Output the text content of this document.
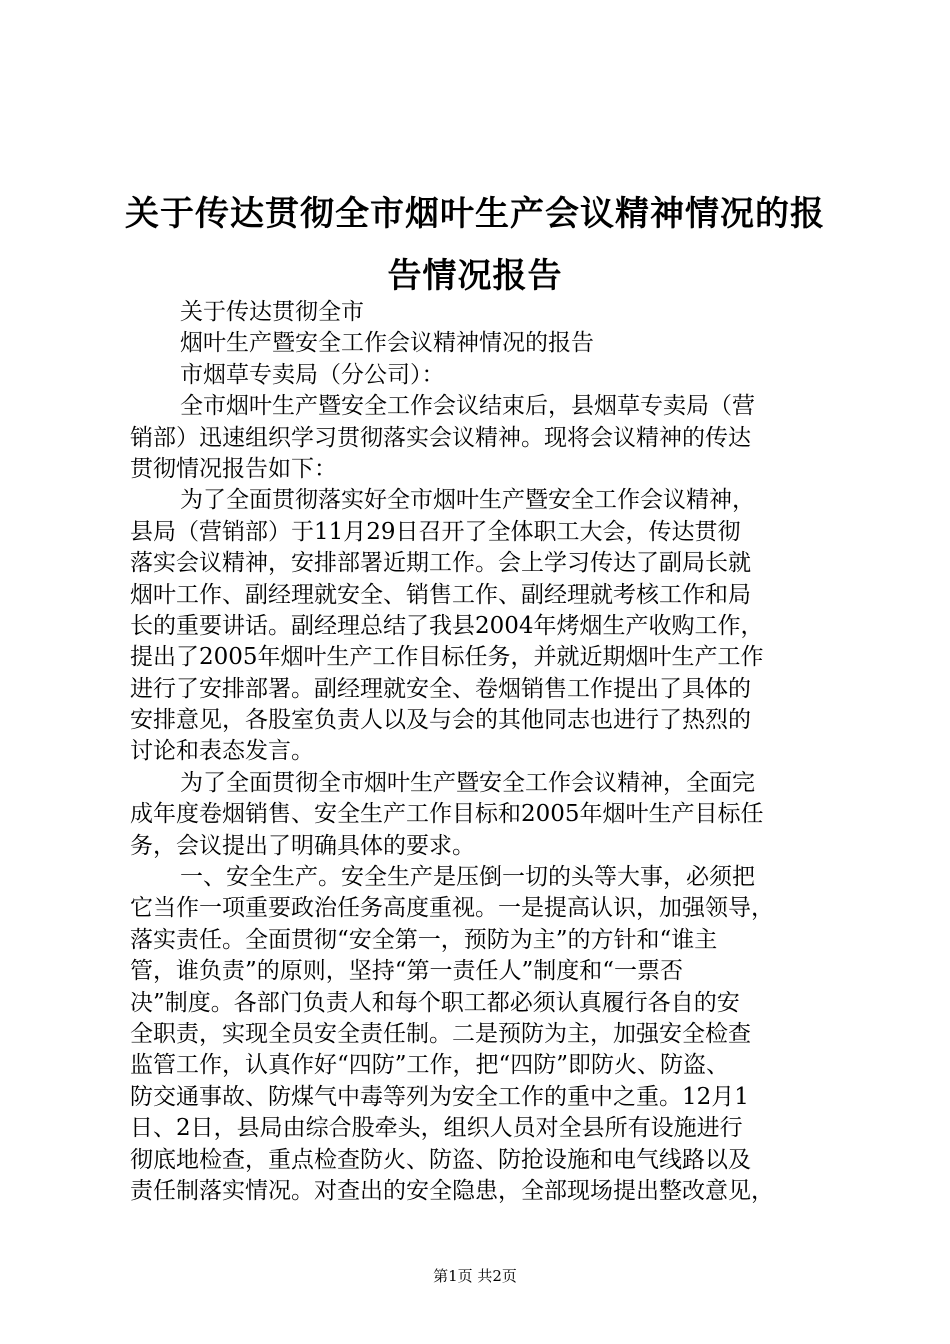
关于传达贯彻全市烟叶生产会议精神情况的报
告情况报告
关于传达贯彻全市
烟叶生产暨安全工作会议精神情况的报告
市烟草专卖局（分公司）：
全市烟叶生产暨安全工作会议结束后，县烟草专卖局（营
销部）迅速组织学习贯彻落实会议精神。现将会议精神的传达
贯彻情况报告如下：
为了全面贯彻落实好全市烟叶生产暨安全工作会议精神，
县局（营销部）于11月29日召开了全体职工大会，传达贯彻
落实会议精神，安排部署近期工作。会上学习传达了副局长就
烟叶工作、副经理就安全、销售工作、副经理就考核工作和局
长的重要讲话。副经理总结了我县2004年烤烟生产收购工作，
提出了2005年烟叶生产工作目标任务，并就近期烟叶生产工作
进行了安排部署。副经理就安全、卷烟销售工作提出了具体的
安排意见，各股室负责人以及与会的其他同志也进行了热烈的
讨论和表态发言。
为了全面贯彻全市烟叶生产暨安全工作会议精神，全面完
成年度卷烟销售、安全生产工作目标和2005年烟叶生产目标任
务，会议提出了明确具体的要求。
一、安全生产。安全生产是压倒一切的头等大事，必须把
它当作一项重要政治任务高度重视。一是提高认识，加强领导，
落实责任。全面贯彻“安全第一，预防为主”的方针和“谁主
管，谁负责”的原则，坚持“第一责任人”制度和“一票否
决”制度。各部门负责人和每个职工都必须认真履行各自的安
全职责，实现全员安全责任制。二是预防为主，加强安全检查
监管工作，认真作好“四防”工作，把“四防”即防火、防盗、
防交通事故、防煤气中毒等列为安全工作的重中之重。12月1
日、2日，县局由综合股牵头，组织人员对全县所有设施进行
彻底地检查，重点检查防火、防盗、防抢设施和电气线路以及
责任制落实情况。对查出的安全隐患，全部现场提出整改意见，
第1页 共2页
